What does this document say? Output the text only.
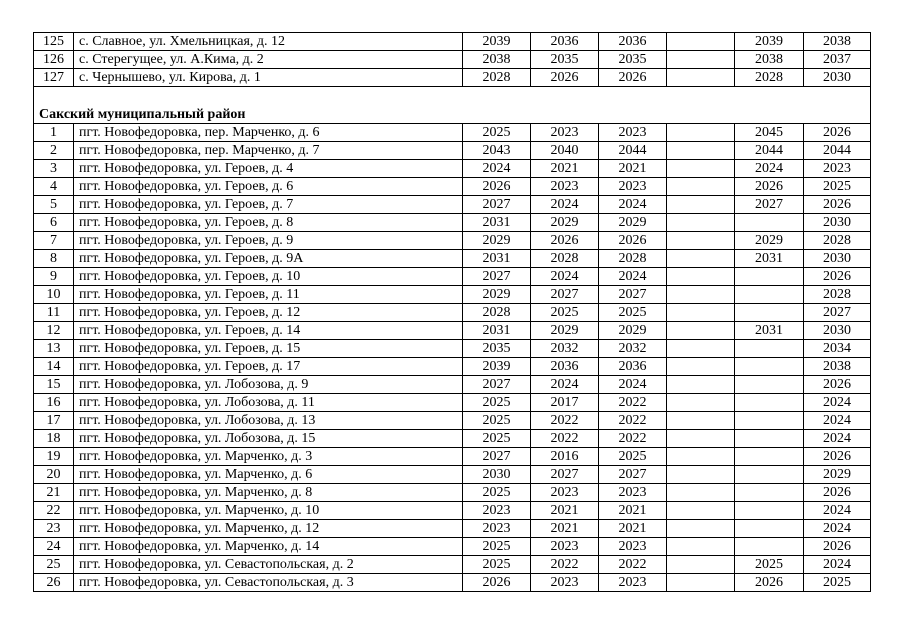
125	с. Славное, ул. Хмельницкая, д. 12	2039	2036	2036		2039	2038
126	с. Стерегущее, ул. А.Кима, д. 2	2038	2035	2035		2038	2037
127	с. Чернышево, ул. Кирова, д. 1	2028	2026	2026		2028	2030
Сакский муниципальный район							
1	пгт. Новофедоровка, пер. Марченко, д. 6	2025	2023	2023		2045	2026
2	пгт. Новофедоровка, пер. Марченко, д. 7	2043	2040	2044		2044	2044
3	пгт. Новофедоровка, ул. Героев, д. 4	2024	2021	2021		2024	2023
4	пгт. Новофедоровка, ул. Героев, д. 6	2026	2023	2023		2026	2025
5	пгт. Новофедоровка, ул. Героев, д. 7	2027	2024	2024		2027	2026
6	пгт. Новофедоровка, ул. Героев, д. 8	2031	2029	2029			2030
7	пгт. Новофедоровка, ул. Героев, д. 9	2029	2026	2026		2029	2028
8	пгт. Новофедоровка, ул. Героев, д. 9А	2031	2028	2028		2031	2030
9	пгт. Новофедоровка, ул. Героев, д. 10	2027	2024	2024			2026
10	пгт. Новофедоровка, ул. Героев, д. 11	2029	2027	2027			2028
11	пгт. Новофедоровка, ул. Героев, д. 12	2028	2025	2025			2027
12	пгт. Новофедоровка, ул. Героев, д. 14	2031	2029	2029		2031	2030
13	пгт. Новофедоровка, ул. Героев, д. 15	2035	2032	2032			2034
14	пгт. Новофедоровка, ул. Героев, д. 17	2039	2036	2036			2038
15	пгт. Новофедоровка, ул. Лобозова, д. 9	2027	2024	2024			2026
16	пгт. Новофедоровка, ул. Лобозова, д. 11	2025	2017	2022			2024
17	пгт. Новофедоровка, ул. Лобозова, д. 13	2025	2022	2022			2024
18	пгт. Новофедоровка, ул. Лобозова, д. 15	2025	2022	2022			2024
19	пгт. Новофедоровка, ул. Марченко, д. 3	2027	2016	2025			2026
20	пгт. Новофедоровка, ул. Марченко, д. 6	2030	2027	2027			2029
21	пгт. Новофедоровка, ул. Марченко, д. 8	2025	2023	2023			2026
22	пгт. Новофедоровка, ул. Марченко, д. 10	2023	2021	2021			2024
23	пгт. Новофедоровка, ул. Марченко, д. 12	2023	2021	2021			2024
24	пгт. Новофедоровка, ул. Марченко, д. 14	2025	2023	2023			2026
25	пгт. Новофедоровка, ул. Севастопольская, д. 2	2025	2022	2022		2025	2024
26	пгт. Новофедоровка, ул. Севастопольская, д. 3	2026	2023	2023		2026	2025
